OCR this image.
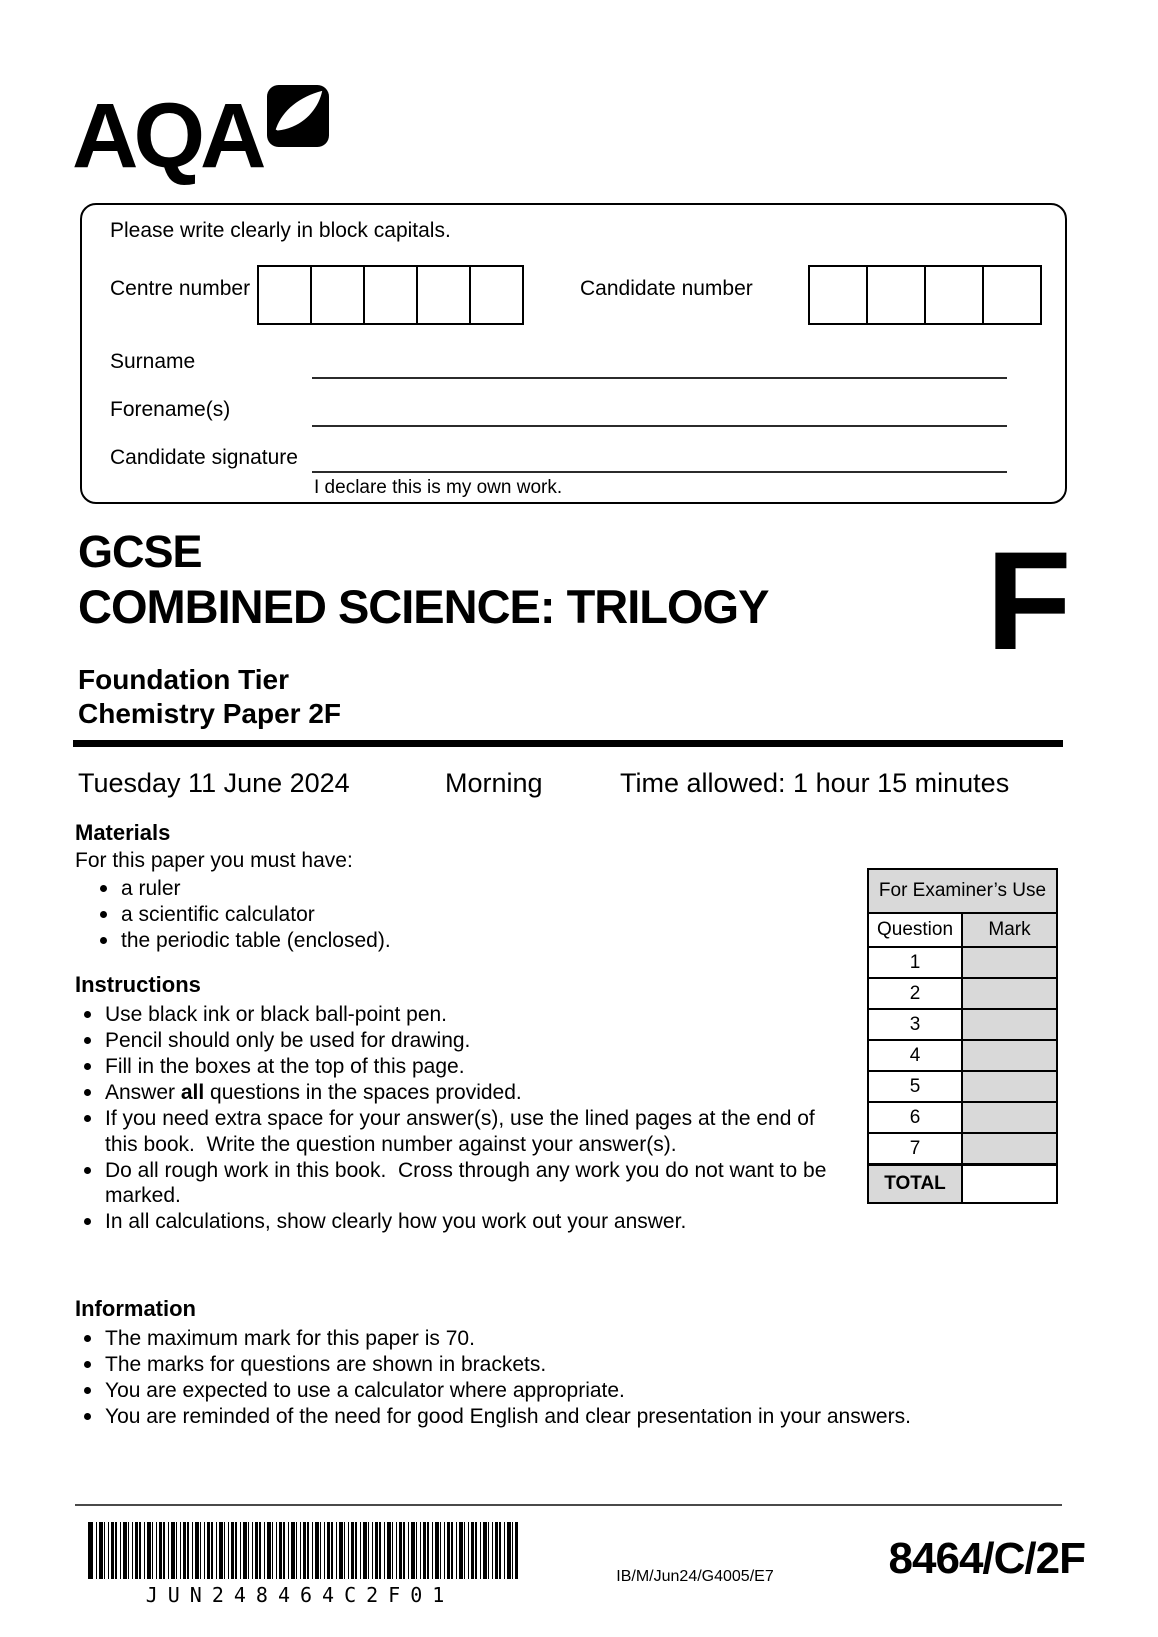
AQA
Please write clearly in block capitals.
Centre number	Candidate number
Surname
Forename(s)
Candidate signature
I declare this is my own work.
GCSE
COMBINED SCIENCE: TRILOGY F
Foundation Tier
Chemistry Paper 2F
Tuesday 11 June 2024	Morning	Time allowed: 1 hour 15 minutes
Materials
For this paper you must have:
a ruler
a scientific calculator
the periodic table (enclosed).
Instructions
Use black ink or black ball-point pen.
Pencil should only be used for drawing.
Fill in the boxes at the top of this page.
Answer all questions in the spaces provided.
If you need extra space for your answer(s), use the lined pages at the end of this book.  Write the question number against your answer(s).
Do all rough work in this book.  Cross through any work you do not want to be marked.
In all calculations, show clearly how you work out your answer.
Information
The maximum mark for this paper is 70.
The marks for questions are shown in brackets.
You are expected to use a calculator where appropriate.
You are reminded of the need for good English and clear presentation in your answers.
For Examiner’s Use	
Question	Mark
1	
2	
3	
4	
5	
6	
7	
TOTAL	
JUN248464C2F01
IB/M/Jun24/G4005/E7	8464/C/2F
